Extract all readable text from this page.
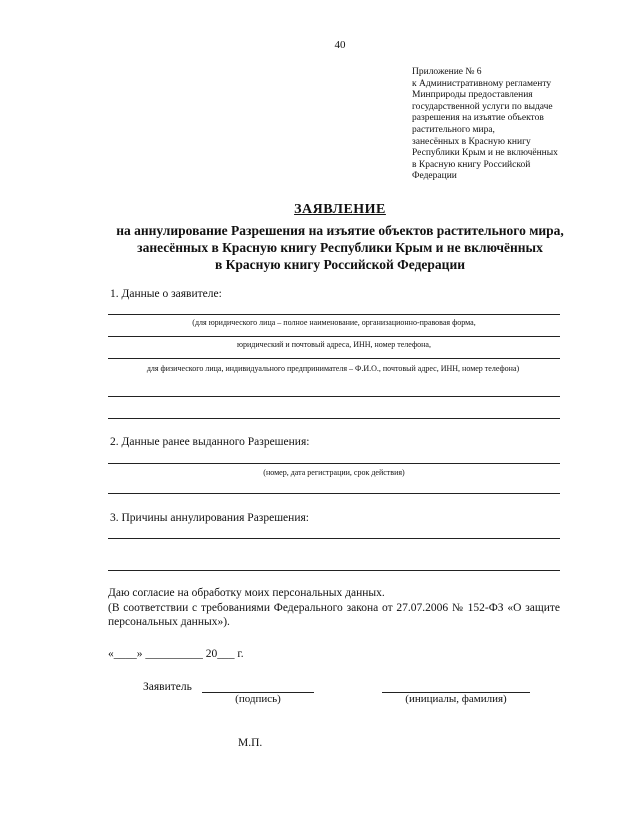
40
Приложение № 6
к Административному регламенту
Минприроды предоставления
государственной услуги по выдаче
разрешения на изъятие объектов
растительного мира,
занесённых в Красную книгу
Республики Крым и не включённых
в Красную книгу Российской
Федерации
ЗАЯВЛЕНИЕ
на аннулирование Разрешения на изъятие объектов растительного мира,
занесённых в Красную книгу Республики Крым и не включённых
в Красную книгу Российской Федерации
1. Данные о заявителе:
(для юридического лица – полное наименование, организационно-правовая форма,
юридический и почтовый адреса, ИНН, номер телефона,
для физического лица, индивидуального предпринимателя – Ф.И.О., почтовый адрес, ИНН, номер телефона)
2. Данные ранее выданного Разрешения:
(номер, дата регистрации, срок действия)
3. Причины аннулирования Разрешения:
Даю согласие на обработку моих персональных данных.
(В соответствии с требованиями Федерального закона от 27.07.2006 № 152-ФЗ «О защите
персональных данных»).
«____» __________ 20___ г.
Заявитель
(подпись)	(инициалы, фамилия)
М.П.
